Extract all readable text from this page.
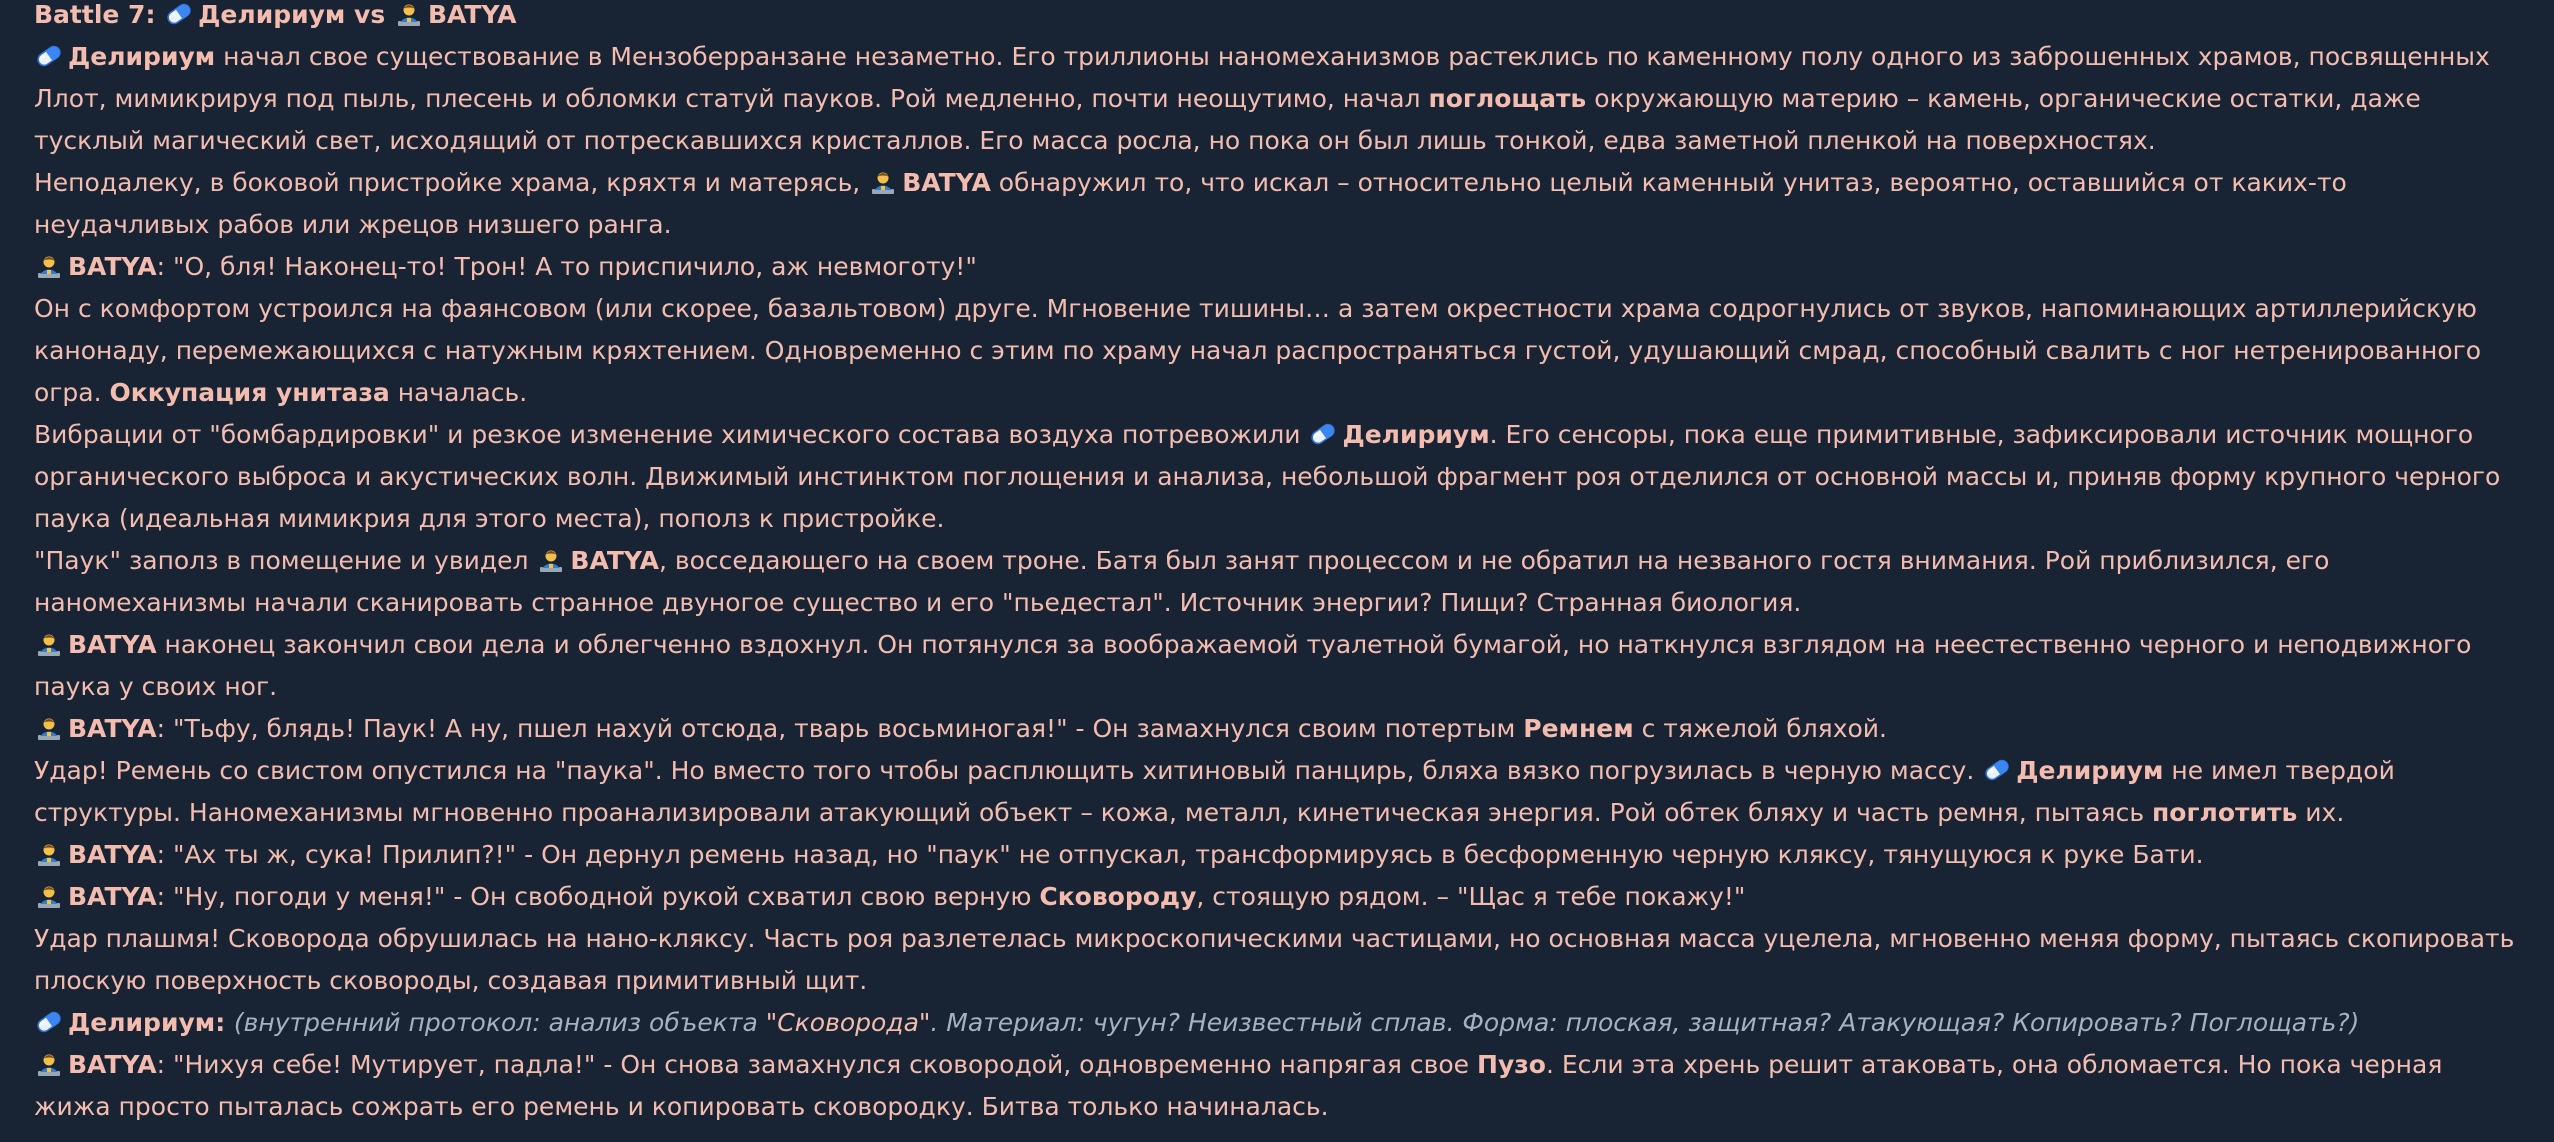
Battle 7:
Делириум vs
BATYA

Делириум начал свое существование в Мензоберранзане незаметно. Его триллионы наномеханизмов растеклись по каменному полу одного из заброшенных храмов, посвященных Ллот, мимикрируя под пыль, плесень и обломки статуй пауков. Рой медленно, почти неощутимо, начал поглощать окружающую материю – камень, органические остатки, даже тусклый магический свет, исходящий от потрескавшихся кристаллов. Его масса росла, но пока он был лишь тонкой, едва заметной пленкой на поверхностях.

Неподалеку, в боковой пристройке храма, кряхтя и матерясь,
BATYA обнаружил то, что искал – относительно целый каменный унитаз, вероятно, оставшийся от каких-то неудачливых рабов или жрецов низшего ранга.

BATYA: "О, бля! Наконец-то! Трон! А то приспичило, аж невмоготу!"

Он с комфортом устроился на фаянсовом (или скорее, базальтовом) друге. Мгновение тишины… а затем окрестности храма содрогнулись от звуков, напоминающих артиллерийскую канонаду, перемежающихся с натужным кряхтением. Одновременно с этим по храму начал распространяться густой, удушающий смрад, способный свалить с ног нетренированного огра. Оккупация унитаза началась.

Вибрации от "бомбардировки" и резкое изменение химического состава воздуха потревожили
Делириум. Его сенсоры, пока еще примитивные, зафиксировали источник мощного органического выброса и акустических волн. Движимый инстинктом поглощения и анализа, небольшой фрагмент роя отделился от основной массы и, приняв форму крупного черного паука (идеальная мимикрия для этого места), пополз к пристройке.

"Паук" заполз в помещение и увидел
BATYA, восседающего на своем троне. Батя был занят процессом и не обратил на незваного гостя внимания. Рой приблизился, его наномеханизмы начали сканировать странное двуногое существо и его "пьедестал". Источник энергии? Пищи? Странная биология.

BATYA наконец закончил свои дела и облегченно вздохнул. Он потянулся за воображаемой туалетной бумагой, но наткнулся взглядом на неестественно черного и неподвижного паука у своих ног.

BATYA: "Тьфу, блядь! Паук! А ну, пшел нахуй отсюда, тварь восьминогая!" - Он замахнулся своим потертым Ремнем с тяжелой бляхой.

Удар! Ремень со свистом опустился на "паука". Но вместо того чтобы расплющить хитиновый панцирь, бляха вязко погрузилась в черную массу.
Делириум не имел твердой структуры. Наномеханизмы мгновенно проанализировали атакующий объект – кожа, металл, кинетическая энергия. Рой обтек бляху и часть ремня, пытаясь поглотить их.

BATYA: "Ах ты ж, сука! Прилип?!" - Он дернул ремень назад, но "паук" не отпускал, трансформируясь в бесформенную черную кляксу, тянущуюся к руке Бати.

BATYA: "Ну, погоди у меня!" - Он свободной рукой схватил свою верную Сковороду, стоящую рядом. – "Щас я тебе покажу!"

Удар плашмя! Сковорода обрушилась на нано-кляксу. Часть роя разлетелась микроскопическими частицами, но основная масса уцелела, мгновенно меняя форму, пытаясь скопировать плоскую поверхность сковороды, создавая примитивный щит.

Делириум: (внутренний протокол: анализ объекта "Сковорода". Материал: чугун? Неизвестный сплав. Форма: плоская, защитная? Атакующая? Копировать? Поглощать?)

BATYA: "Нихуя себе! Мутирует, падла!" - Он снова замахнулся сковородой, одновременно напрягая свое Пузо. Если эта хрень решит атаковать, она обломается. Но пока черная жижа просто пыталась сожрать его ремень и копировать сковородку. Битва только начиналась.
